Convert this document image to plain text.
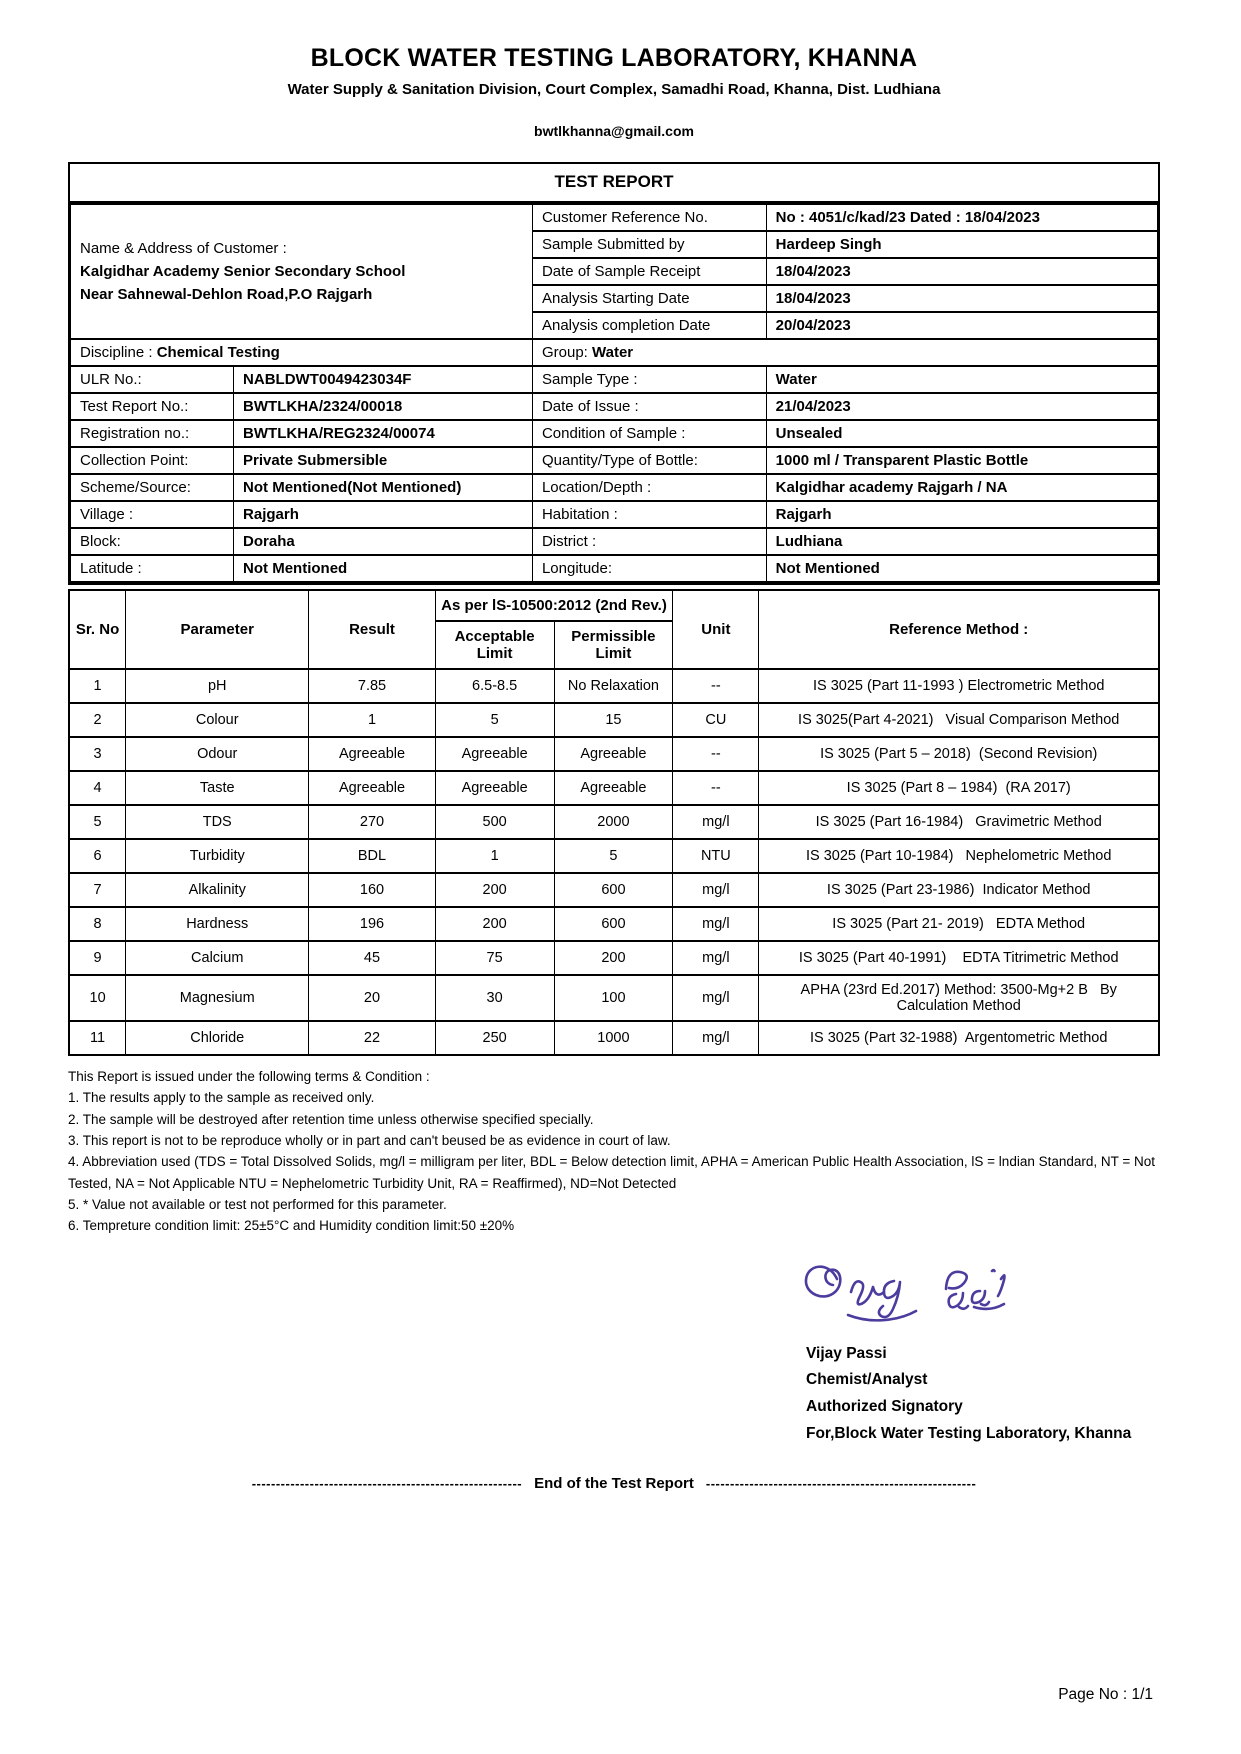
BLOCK WATER TESTING LABORATORY, KHANNA
Water Supply & Sanitation Division, Court Complex, Samadhi Road, Khanna, Dist. Ludhiana
bwtlkhanna@gmail.com
TEST REPORT
Name & Address of Customer :
Kalgidhar Academy Senior Secondary School
Near Sahnewal-Dehlon Road,P.O Rajgarh		Customer Reference No.	No : 4051/c/kad/23 Dated : 18/04/2023
		Sample Submitted by	Hardeep Singh
		Date of Sample Receipt	18/04/2023
		Analysis Starting Date	18/04/2023
		Analysis completion Date	20/04/2023
Discipline : Chemical Testing		Group: Water	
ULR No.:	NABLDWT0049423034F	Sample Type :	Water
Test Report No.:	BWTLKHA/2324/00018	Date of Issue :	21/04/2023
Registration no.:	BWTLKHA/REG2324/00074	Condition of Sample :	Unsealed
Collection Point:	Private Submersible	Quantity/Type of Bottle:	1000 ml / Transparent Plastic Bottle
Scheme/Source:	Not Mentioned(Not Mentioned)	Location/Depth :	Kalgidhar academy Rajgarh / NA
Village :	Rajgarh	Habitation :	Rajgarh
Block:	Doraha	District :	Ludhiana
Latitude :	Not Mentioned	Longitude:	Not Mentioned
Sr. No	Parameter	Result	As per lS-10500:2012 (2nd Rev.)		Unit	Reference Method :
			Acceptable Limit	Permissible Limit		
1	pH	7.85	6.5-8.5	No Relaxation	--	IS 3025 (Part 11-1993 ) Electrometric Method
2	Colour	1	5	15	CU	IS 3025(Part 4-2021)   Visual Comparison Method
3	Odour	Agreeable	Agreeable	Agreeable	--	IS 3025 (Part 5 – 2018)  (Second Revision)
4	Taste	Agreeable	Agreeable	Agreeable	--	IS 3025 (Part 8 – 1984)  (RA 2017)
5	TDS	270	500	2000	mg/l	IS 3025 (Part 16-1984)   Gravimetric Method
6	Turbidity	BDL	1	5	NTU	IS 3025 (Part 10-1984)   Nephelometric Method
7	Alkalinity	160	200	600	mg/l	IS 3025 (Part 23-1986)  Indicator Method
8	Hardness	196	200	600	mg/l	IS 3025 (Part 21- 2019)   EDTA Method
9	Calcium	45	75	200	mg/l	IS 3025 (Part 40-1991)    EDTA Titrimetric Method
10	Magnesium	20	30	100	mg/l	APHA (23rd Ed.2017) Method: 3500-Mg+2 B   By Calculation Method
11	Chloride	22	250	1000	mg/l	IS 3025 (Part 32-1988)  Argentometric Method
This Report is issued under the following terms & Condition :
1. The results apply to the sample as received only.
2. The sample will be destroyed after retention time unless otherwise specified specially.
3. This report is not to be reproduce wholly or in part and can't beused be as evidence in court of law.
4. Abbreviation used (TDS = Total Dissolved Solids, mg/l = milligram per liter, BDL = Below detection limit, APHA = American Public Health Association, lS = lndian Standard, NT = Not Tested, NA = Not Applicable NTU = Nephelometric Turbidity Unit, RA = Reaffirmed), ND=Not Detected
5. * Value not available or test not performed for this parameter.
6. Tempreture condition limit: 25±5°C and Humidity condition limit:50 ±20%
Vijay Passi
Chemist/Analyst
Authorized Signatory
For,Block Water Testing Laboratory, Khanna
-------------------------------------------------------- End of the Test Report --------------------------------------------------------
Page No : 1/1
